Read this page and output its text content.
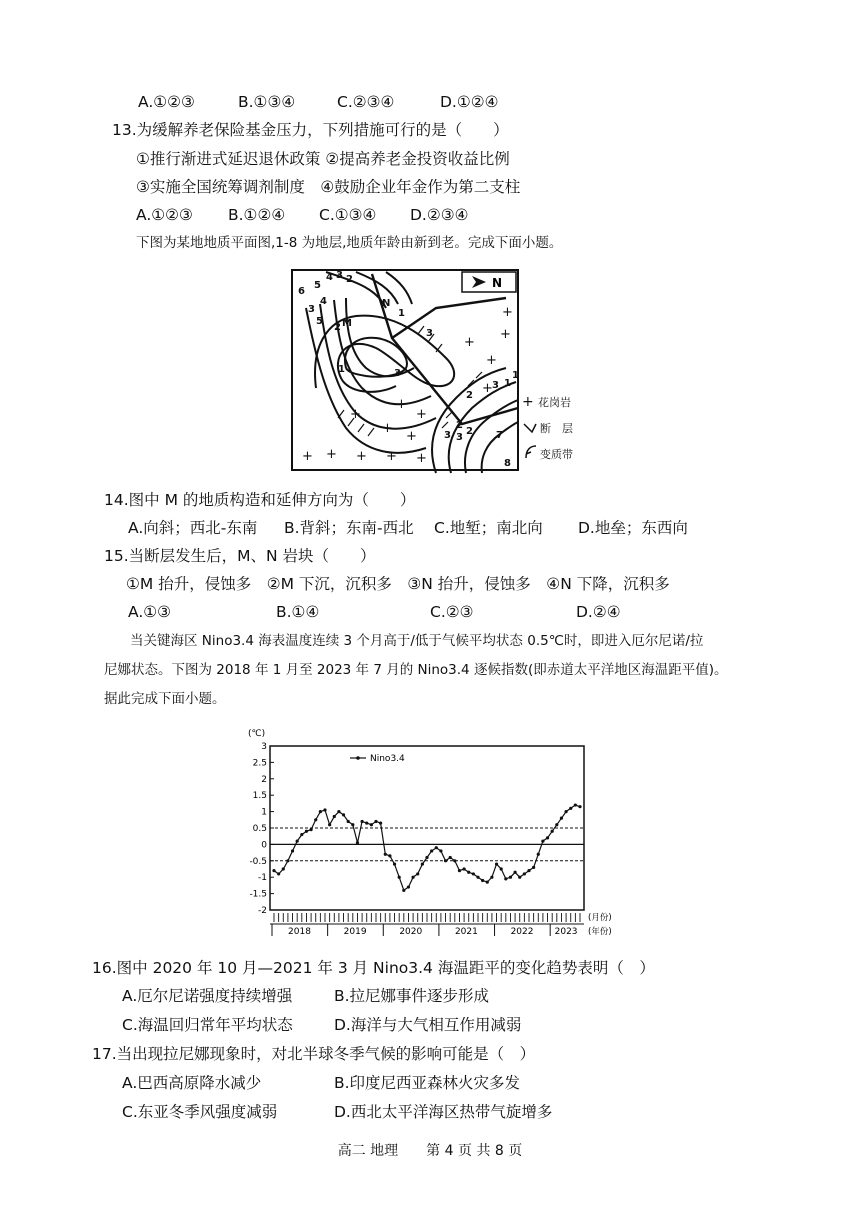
A.①②③	B.①③④	C.②③④	D.①②④
13.为缓解养老保险基金压力，下列措施可行的是（　　）
①推行渐进式延迟退休政策 ②提高养老金投资收益比例
③实施全国统筹调剂制度　④鼓励企业年金作为第二支柱
A.①②③ B.①②④ C.①③④ D.②③④
下图为某地地质平面图,1-8 为地层,地质年龄由新到老。完成下面小题。
+
+
+
+
+
+
+
+
+
+
+ + + +
+
N
6
5
4 3 2
3
4
5
N
1
M
2
3
1	3
2
3 1
3
2
1
7
3
2
8
+ 花岗岩
断　层
变质带
14.图中 M 的地质构造和延伸方向为（　　）
A.向斜；西北-东南 B.背斜；东南-西北 C.地堑；南北向 D.地垒；东西向
15.当断层发生后，M、N 岩块（　　）
①M 抬升，侵蚀多　②M 下沉，沉积多　③N 抬升，侵蚀多　④N 下降，沉积多
A.①③	B.①④	C.②③	D.②④
当关键海区 Nino3.4 海表温度连续 3 个月高于/低于气候平均状态 0.5℃时，即进入厄尔尼诺/拉
尼娜状态。下图为 2018 年 1 月至 2023 年 7 月的 Nino3.4 逐候指数(即赤道太平洋地区海温距平值)。
据此完成下面小题。
(℃)
3
2.5
2
1.5
1
0.5
0
-0.5
-1
-1.5
-2
2018	2019	2020	2021	2022 2023
(月份)
(年份)
Nino3.4
16.图中 2020 年 10 月—2021 年 3 月 Nino3.4 海温距平的变化趋势表明（　）
A.厄尔尼诺强度持续增强	B.拉尼娜事件逐步形成
C.海温回归常年平均状态	D.海洋与大气相互作用减弱
17.当出现拉尼娜现象时，对北半球冬季气候的影响可能是（　）
A.巴西高原降水减少	B.印度尼西亚森林火灾多发
C.东亚冬季风强度减弱	D.西北太平洋海区热带气旋增多
高二 地理　　第 4 页 共 8 页
